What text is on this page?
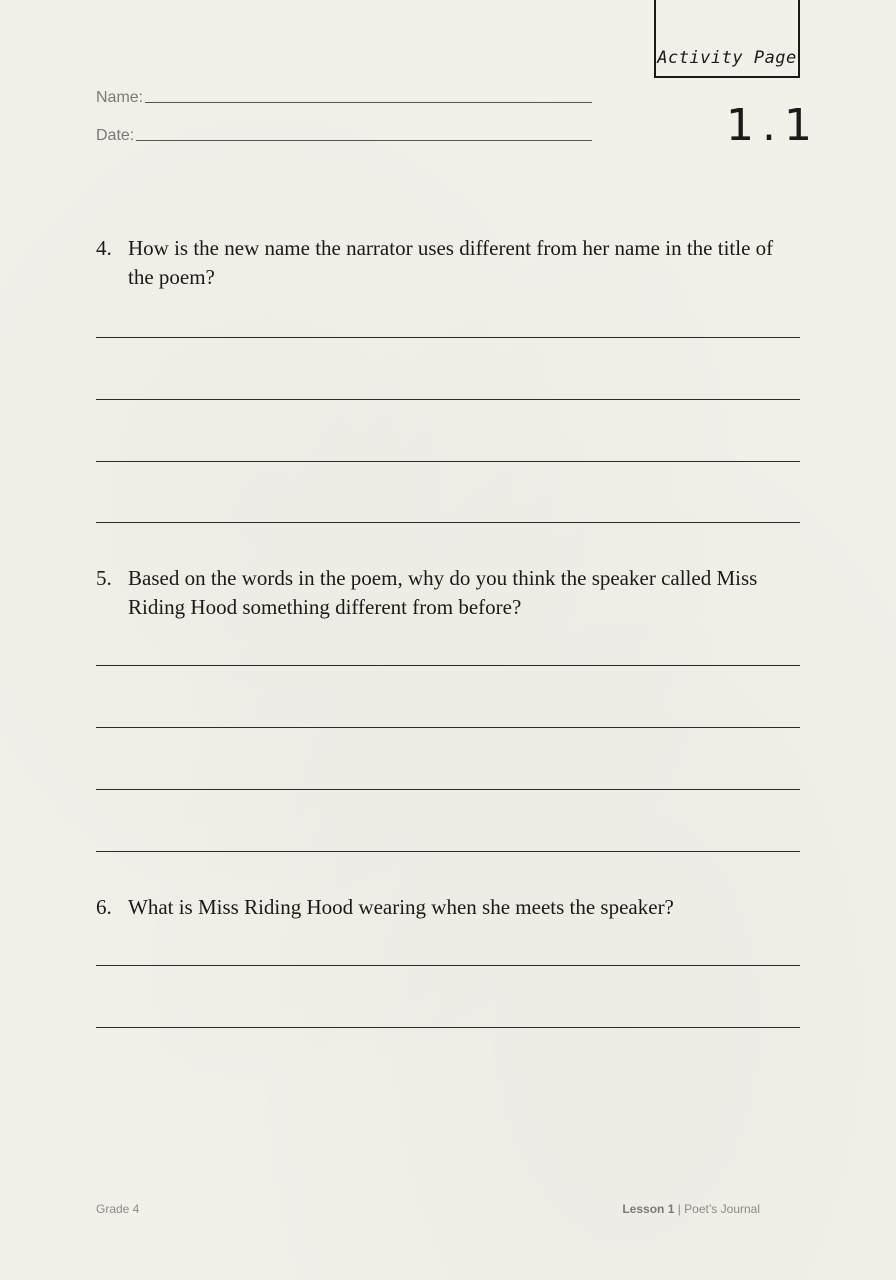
Activity Page
1.1
Name:
Date:
4. How is the new name the narrator uses different from her name in the title of the poem?
5. Based on the words in the poem, why do you think the speaker called Miss Riding Hood something different from before?
6. What is Miss Riding Hood wearing when she meets the speaker?
Grade 4	Lesson 1 | Poet’s Journal
